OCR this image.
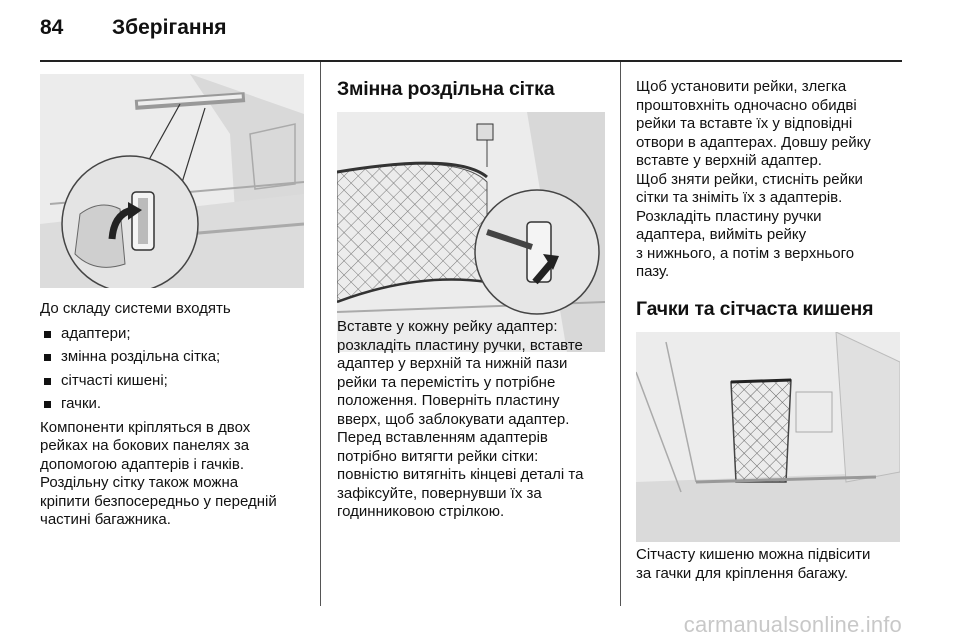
84	Зберігання

До складу системи входять

адаптери;
змінна роздільна сітка;
сітчасті кишені;
гачки.
Компоненти кріпляться в двох
рейках на бокових панелях за
допомогою адаптерів і гачків.
Роздільну сітку також можна
кріпити безпосередньо у передній
частині багажника.
Змінна роздільна сітка
Вставте у кожну рейку адаптер:
розкладіть пластину ручки, вставте
адаптер у верхній та нижній пази
рейки та перемістіть у потрібне
положення. Поверніть пластину
вверх, щоб заблокувати адаптер.
Перед вставленням адаптерів
потрібно витягти рейки сітки:
повністю витягніть кінцеві деталі та
зафіксуйте, повернувши їх за
годинниковою стрілкою.
Щоб установити рейки, злегка
проштовхніть одночасно обидві
рейки та вставте їх у відповідні
отвори в адаптерах. Довшу рейку
вставте у верхній адаптер.
Щоб зняти рейки, стисніть рейки
сітки та зніміть їх з адаптерів.
Розкладіть пластину ручки
адаптера, вийміть рейку
з нижнього, а потім з верхнього
пазу.
Гачки та сітчаста кишеня
Сітчасту кишеню можна підвісити
за гачки для кріплення багажу.
carmanualsonline.info
